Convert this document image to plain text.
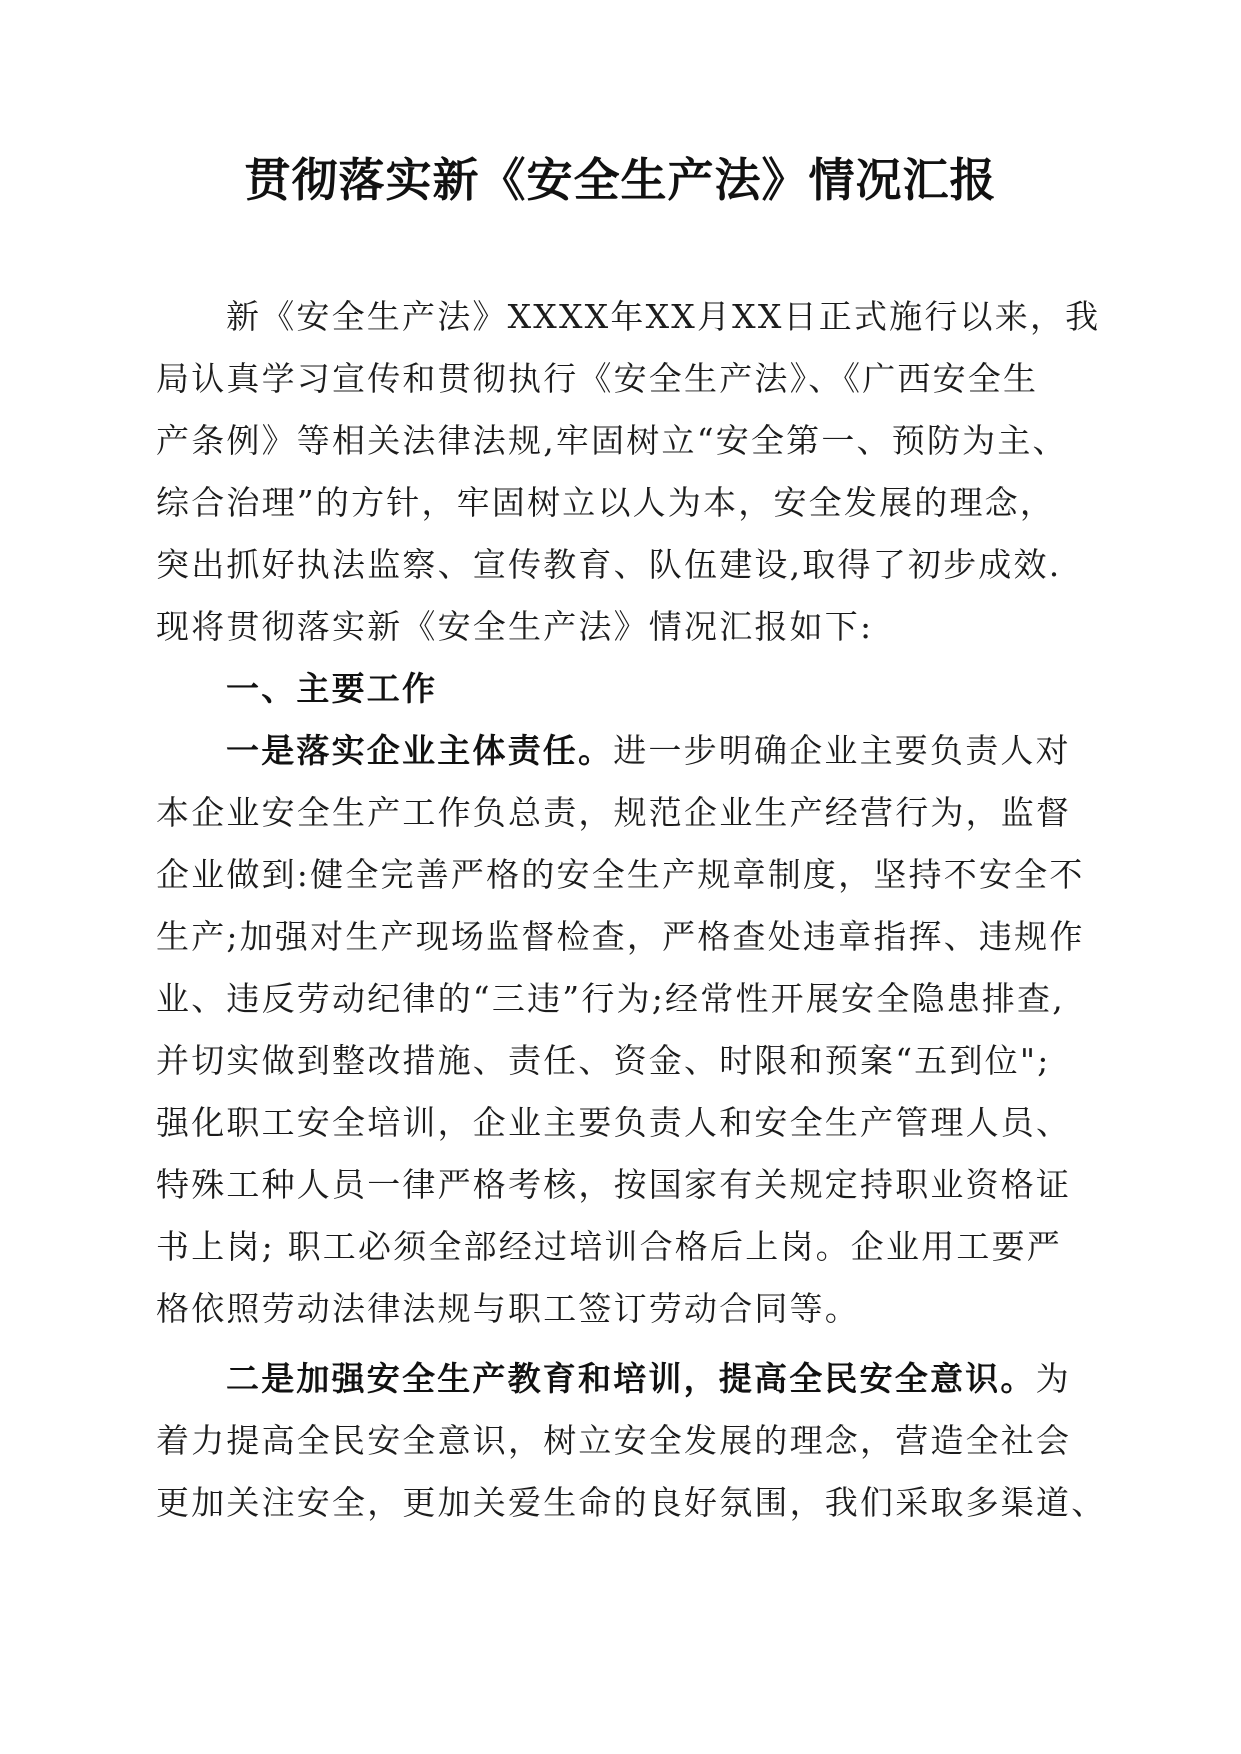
贯彻落实新《安全生产法》情况汇报
新《安全生产法》XXXX年XX月XX日正式施行以来，我
局认真学习宣传和贯彻执行《安全生产法》、《广西安全生
产条例》等相关法律法规,牢固树立“安全第一、预防为主、
综合治理”的方针，牢固树立以人为本，安全发展的理念，
突出抓好执法监察、宣传教育、队伍建设,取得了初步成效.
现将贯彻落实新《安全生产法》情况汇报如下:
一、主要工作
一是落实企业主体责任。进一步明确企业主要负责人对
本企业安全生产工作负总责，规范企业生产经营行为，监督
企业做到:健全完善严格的安全生产规章制度，坚持不安全不
生产;加强对生产现场监督检查，严格查处违章指挥、违规作
业、违反劳动纪律的“三违”行为;经常性开展安全隐患排查,
并切实做到整改措施、责任、资金、时限和预案“五到位";
强化职工安全培训，企业主要负责人和安全生产管理人员、
特殊工种人员一律严格考核，按国家有关规定持职业资格证
书上岗; 职工必须全部经过培训合格后上岗。企业用工要严
格依照劳动法律法规与职工签订劳动合同等。
二是加强安全生产教育和培训，提高全民安全意识。为
着力提高全民安全意识，树立安全发展的理念，营造全社会
更加关注安全，更加关爱生命的良好氛围，我们采取多渠道、
